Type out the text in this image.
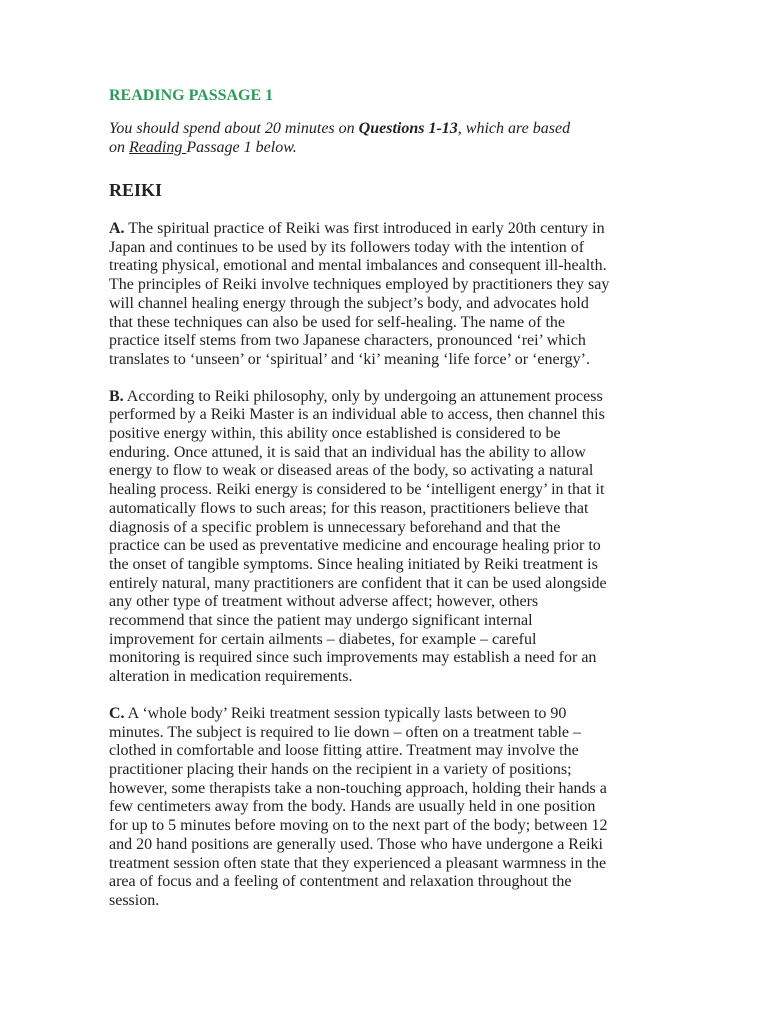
READING PASSAGE 1
You should spend about 20 minutes on Questions 1-13, which are based
on Reading Passage 1 below.
REIKI
A. The spiritual practice of Reiki was first introduced in early 20th century in
Japan and continues to be used by its followers today with the intention of
treating physical, emotional and mental imbalances and consequent ill-health.
The principles of Reiki involve techniques employed by practitioners they say
will channel healing energy through the subject’s body, and advocates hold
that these techniques can also be used for self-healing. The name of the
practice itself stems from two Japanese characters, pronounced ‘rei’ which
translates to ‘unseen’ or ‘spiritual’ and ‘ki’ meaning ‘life force’ or ‘energy’.
B. According to Reiki philosophy, only by undergoing an attunement process
performed by a Reiki Master is an individual able to access, then channel this
positive energy within, this ability once established is considered to be
enduring. Once attuned, it is said that an individual has the ability to allow
energy to flow to weak or diseased areas of the body, so activating a natural
healing process. Reiki energy is considered to be ‘intelligent energy’ in that it
automatically flows to such areas; for this reason, practitioners believe that
diagnosis of a specific problem is unnecessary beforehand and that the
practice can be used as preventative medicine and encourage healing prior to
the onset of tangible symptoms. Since healing initiated by Reiki treatment is
entirely natural, many practitioners are confident that it can be used alongside
any other type of treatment without adverse affect; however, others
recommend that since the patient may undergo significant internal
improvement for certain ailments – diabetes, for example – careful
monitoring is required since such improvements may establish a need for an
alteration in medication requirements.
C. A ‘whole body’ Reiki treatment session typically lasts between to 90
minutes. The subject is required to lie down – often on a treatment table –
clothed in comfortable and loose fitting attire. Treatment may involve the
practitioner placing their hands on the recipient in a variety of positions;
however, some therapists take a non-touching approach, holding their hands a
few centimeters away from the body. Hands are usually held in one position
for up to 5 minutes before moving on to the next part of the body; between 12
and 20 hand positions are generally used. Those who have undergone a Reiki
treatment session often state that they experienced a pleasant warmness in the
area of focus and a feeling of contentment and relaxation throughout the
session.
